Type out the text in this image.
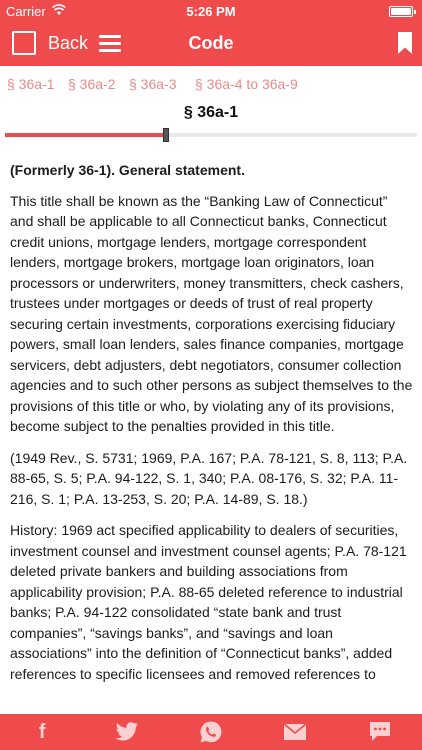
Carrier	5:26 PM
Back	Code
§ 36a-1 § 36a-2 § 36a-3 § 36a-4 to 36a-9
§ 36a-1
(Formerly 36-1). General statement.

This title shall be known as the “Banking Law of Connecticut” and shall be applicable to all Connecticut banks, Connecticut credit unions, mortgage lenders, mortgage correspondent lenders, mortgage brokers, mortgage loan originators, loan processors or underwriters, money transmitters, check cashers, trustees under mortgages or deeds of trust of real property securing certain investments, corporations exercising fiduciary powers, small loan lenders, sales finance companies, mortgage servicers, debt adjusters, debt negotiators, consumer collection agencies and to such other persons as subject themselves to the provisions of this title or who, by violating any of its provisions, become subject to the penalties provided in this title.

(1949 Rev., S. 5731; 1969, P.A. 167; P.A. 78-121, S. 8, 113; P.A. 88-65, S. 5; P.A. 94-122, S. 1, 340; P.A. 08-176, S. 32; P.A. 11-216, S. 1; P.A. 13-253, S. 20; P.A. 14-89, S. 18.)

History: 1969 act specified applicability to dealers of securities, investment counsel and investment counsel agents; P.A. 78-121 deleted private bankers and building associations from applicability provision; P.A. 88-65 deleted reference to industrial banks; P.A. 94-122 consolidated “state bank and trust companies”, “savings banks”, and “savings and loan associations” into the definition of “Connecticut banks”, added references to specific licensees and removed references to

f
